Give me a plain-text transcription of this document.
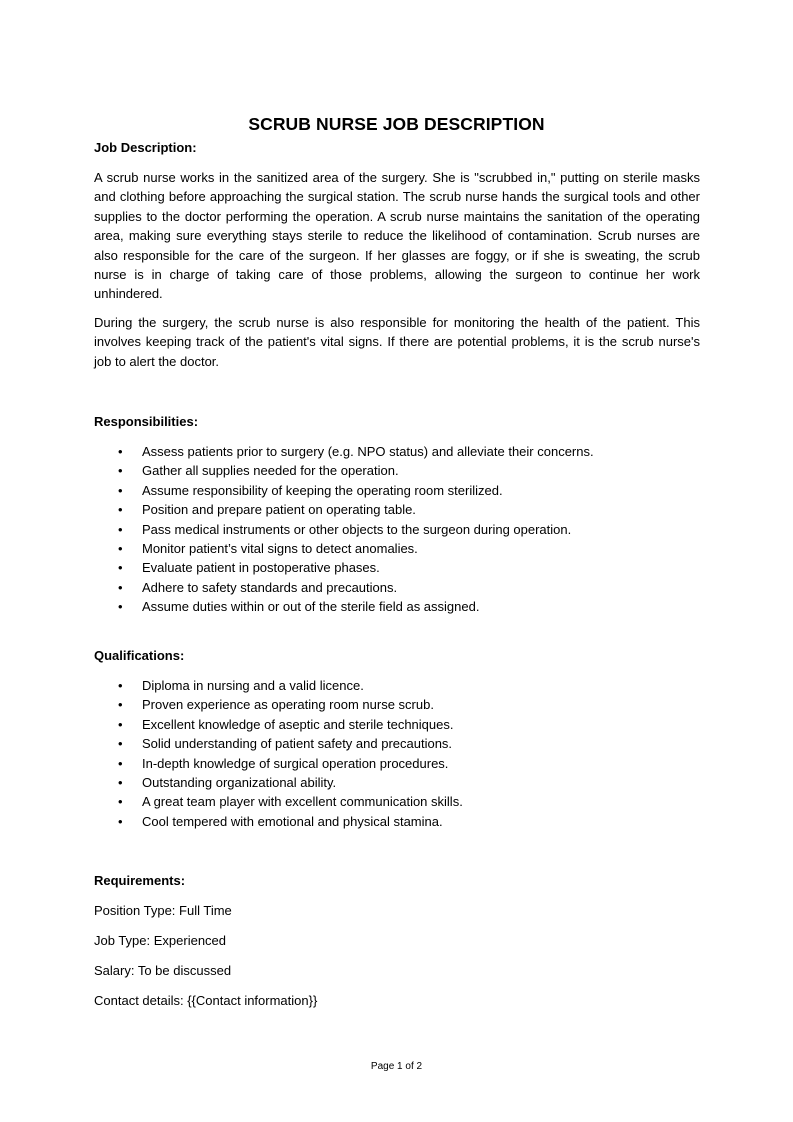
SCRUB NURSE JOB DESCRIPTION

Job Description:

A scrub nurse works in the sanitized area of the surgery. She is "scrubbed in," putting on sterile masks and clothing before approaching the surgical station. The scrub nurse hands the surgical tools and other supplies to the doctor performing the operation. A scrub nurse maintains the sanitation of the operating area, making sure everything stays sterile to reduce the likelihood of contamination. Scrub nurses are also responsible for the care of the surgeon. If her glasses are foggy, or if she is sweating, the scrub nurse is in charge of taking care of those problems, allowing the surgeon to continue her work unhindered.

During the surgery, the scrub nurse is also responsible for monitoring the health of the patient. This involves keeping track of the patient's vital signs. If there are potential problems, it is the scrub nurse's job to alert the doctor.

Responsibilities:

• Assess patients prior to surgery (e.g. NPO status) and alleviate their concerns.
• Gather all supplies needed for the operation.
• Assume responsibility of keeping the operating room sterilized.
• Position and prepare patient on operating table.
• Pass medical instruments or other objects to the surgeon during operation.
• Monitor patient’s vital signs to detect anomalies.
• Evaluate patient in postoperative phases.
• Adhere to safety standards and precautions.
• Assume duties within or out of the sterile field as assigned.

Qualifications:

• Diploma in nursing and a valid licence.
• Proven experience as operating room nurse scrub.
• Excellent knowledge of aseptic and sterile techniques.
• Solid understanding of patient safety and precautions.
• In-depth knowledge of surgical operation procedures.
• Outstanding organizational ability.
• A great team player with excellent communication skills.
• Cool tempered with emotional and physical stamina.

Requirements:

Position Type: Full Time

Job Type: Experienced

Salary: To be discussed

Contact details: {{Contact information}}

Page 1 of 2
